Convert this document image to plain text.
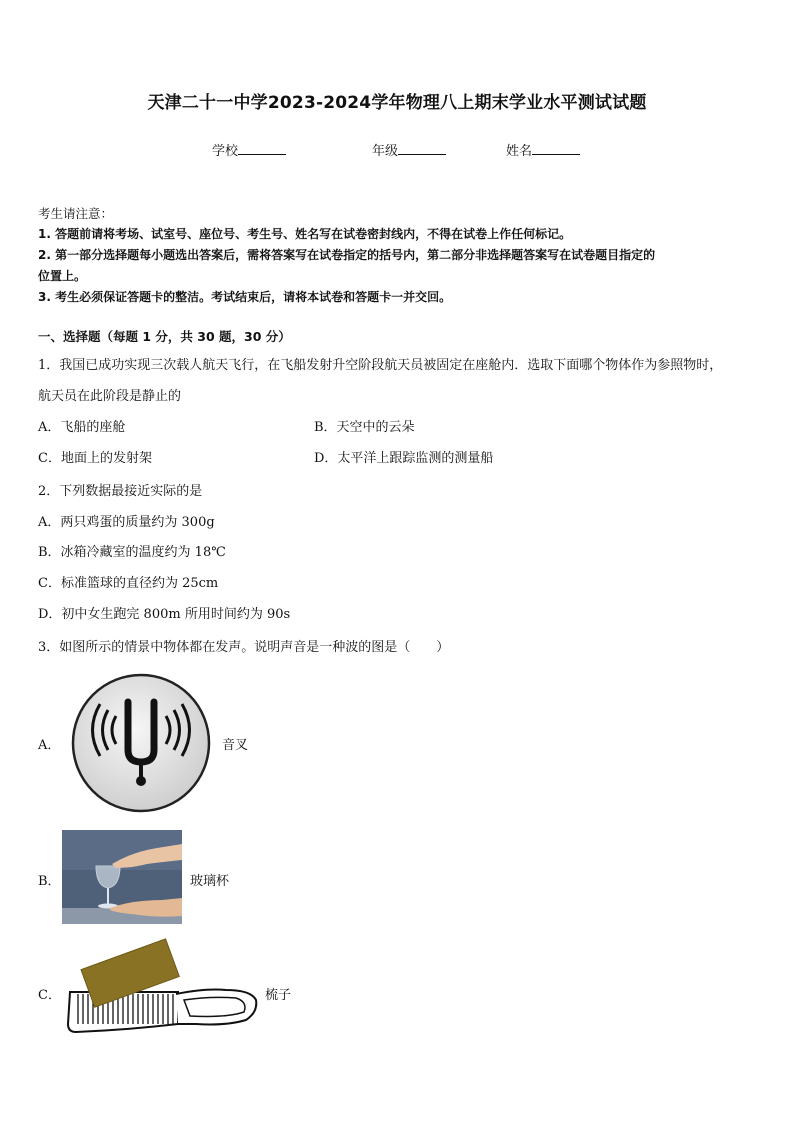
天津二十一中学2023-2024学年物理八上期末学业水平测试试题
学校	年级	姓名
考生请注意：
1. 答题前请将考场、试室号、座位号、考生号、姓名写在试卷密封线内，不得在试卷上作任何标记。
2. 第一部分选择题每小题选出答案后，需将答案写在试卷指定的括号内，第二部分非选择题答案写在试卷题目指定的
位置上。
3. 考生必须保证答题卡的整洁。考试结束后，请将本试卷和答题卡一并交回。
一、选择题（每题 1 分，共 30 题，30 分）
1．我国已成功实现三次载人航天飞行，在飞船发射升空阶段航天员被固定在座舱内．选取下面哪个物体作为参照物时，
航天员在此阶段是静止的
A．飞船的座舱	B．天空中的云朵
C．地面上的发射架	D．太平洋上跟踪监测的测量船
2．下列数据最接近实际的是
A．两只鸡蛋的质量约为 300g
B．冰箱冷藏室的温度约为 18℃
C．标准篮球的直径约为 25cm
D．初中女生跑完 800m 所用时间约为 90s
3．如图所示的情景中物体都在发声。说明声音是一种波的图是（　　）
A．	音叉
B．	玻璃杯
C．	梳子
